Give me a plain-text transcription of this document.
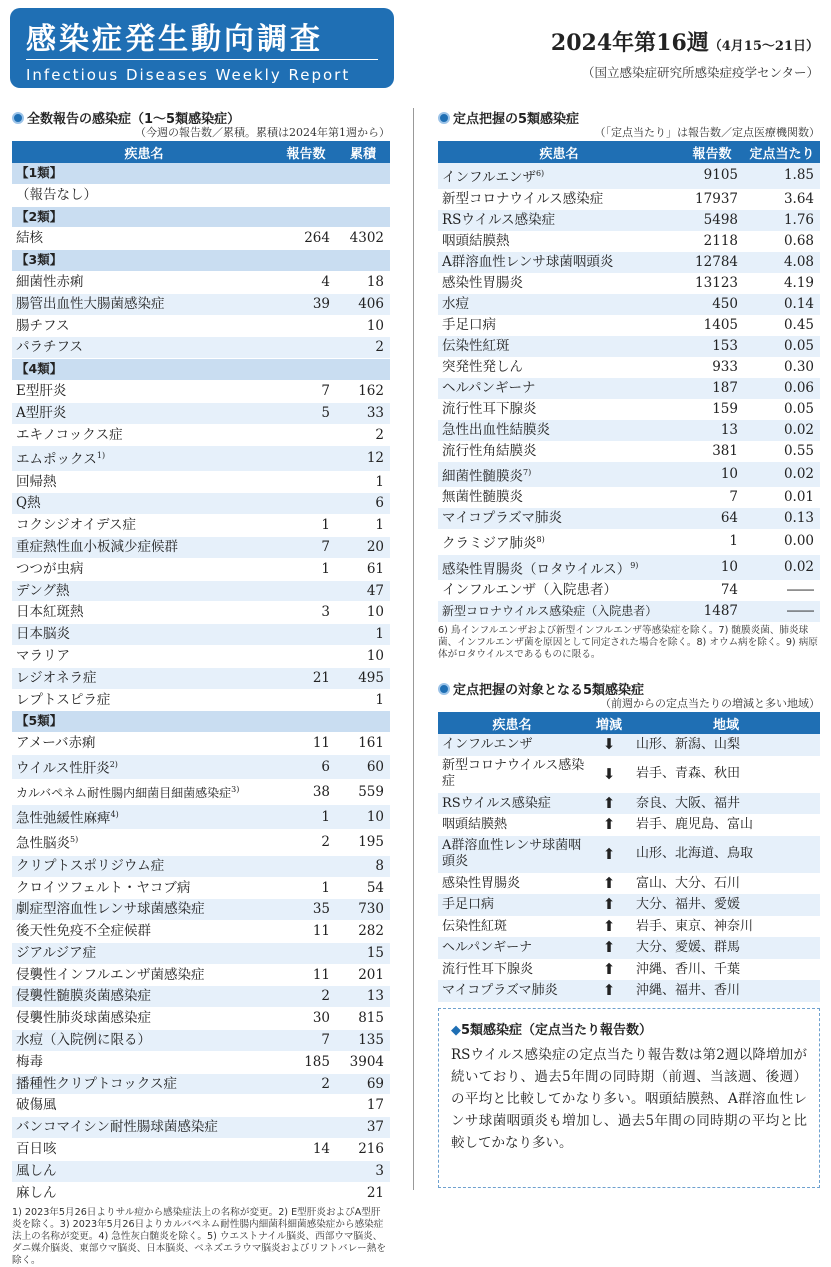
感染症発生動向調査
Infectious Diseases Weekly Report
2024年第16週（4月15～21日）
（国立感染症研究所感染症疫学センター）
全数報告の感染症（1～5類感染症）
（今週の報告数／累積。累積は2024年第1週から）
疾患名	報告数	累積
【1類】		
（報告なし）		
【2類】		
結核	264	4302
【3類】		
細菌性赤痢	4	18
腸管出血性大腸菌感染症	39	406
腸チフス		10
パラチフス		2
【4類】		
E型肝炎	7	162
A型肝炎	5	33
エキノコックス症		2
エムポックス$^{1)}$		12
回帰熱		1
Q熱		6
コクシジオイデス症	1	1
重症熱性血小板減少症候群	7	20
つつが虫病	1	61
デング熱		47
日本紅斑熱	3	10
日本脳炎		1
マラリア		10
レジオネラ症	21	495
レプトスピラ症		1
【5類】		
アメーバ赤痢	11	161
ウイルス性肝炎$^{2)}$	6	60
カルバペネム耐性腸内細菌目細菌感染症$^{3)}$	38	559
急性弛緩性麻痺$^{4)}$	1	10
急性脳炎$^{5)}$	2	195
クリプトスポリジウム症		8
クロイツフェルト・ヤコブ病	1	54
劇症型溶血性レンサ球菌感染症	35	730
後天性免疫不全症候群	11	282
ジアルジア症		15
侵襲性インフルエンザ菌感染症	11	201
侵襲性髄膜炎菌感染症	2	13
侵襲性肺炎球菌感染症	30	815
水痘（入院例に限る）	7	135
梅毒	185	3904
播種性クリプトコックス症	2	69
破傷風		17
バンコマイシン耐性腸球菌感染症		37
百日咳	14	216
風しん		3
麻しん		21
1) 2023年5月26日よりサル痘から感染症法上の名称が変更。2) E型肝炎およびA型肝炎を除く。3) 2023年5月26日よりカルバペネム耐性腸内細菌科細菌感染症から感染症法上の名称が変更。4) 急性灰白髄炎を除く。5) ウエストナイル脳炎、西部ウマ脳炎、ダニ媒介脳炎、東部ウマ脳炎、日本脳炎、ベネズエラウマ脳炎およびリフトバレー熱を除く。
定点把握の5類感染症
（「定点当たり」は報告数／定点医療機関数）
疾患名	報告数	定点当たり
インフルエンザ$^{6)}$	9105	1.85
新型コロナウイルス感染症	17937	3.64
RSウイルス感染症	5498	1.76
咽頭結膜熱	2118	0.68
A群溶血性レンサ球菌咽頭炎	12784	4.08
感染性胃腸炎	13123	4.19
水痘	450	0.14
手足口病	1405	0.45
伝染性紅斑	153	0.05
突発性発しん	933	0.30
ヘルパンギーナ	187	0.06
流行性耳下腺炎	159	0.05
急性出血性結膜炎	13	0.02
流行性角結膜炎	381	0.55
細菌性髄膜炎$^{7)}$	10	0.02
無菌性髄膜炎	7	0.01
マイコプラズマ肺炎	64	0.13
クラミジア肺炎$^{8)}$	1	0.00
感染性胃腸炎（ロタウイルス）$^{9)}$	10	0.02
インフルエンザ（入院患者）	74	――
新型コロナウイルス感染症（入院患者）	1487	――
6) 鳥インフルエンザおよび新型インフルエンザ等感染症を除く。7) 髄膜炎菌、肺炎球菌、インフルエンザ菌を原因として同定された場合を除く。8) オウム病を除く。9) 病原体がロタウイルスであるものに限る。
定点把握の対象となる5類感染症
（前週からの定点当たりの増減と多い地域）
疾患名	増減	地域
インフルエンザ	⬇	山形、新潟、山梨
新型コロナウイルス感染症	⬇	岩手、青森、秋田
RSウイルス感染症	⬆	奈良、大阪、福井
咽頭結膜熱	⬆	岩手、鹿児島、富山
A群溶血性レンサ球菌咽頭炎	⬆	山形、北海道、鳥取
感染性胃腸炎	⬆	富山、大分、石川
手足口病	⬆	大分、福井、愛媛
伝染性紅斑	⬆	岩手、東京、神奈川
ヘルパンギーナ	⬆	大分、愛媛、群馬
流行性耳下腺炎	⬆	沖縄、香川、千葉
マイコプラズマ肺炎	⬆	沖縄、福井、香川
◆5類感染症（定点当たり報告数）
RSウイルス感染症の定点当たり報告数は第2週以降増加が続いており、過去5年間の同時期（前週、当該週、後週）の平均と比較してかなり多い。咽頭結膜熱、A群溶血性レンサ球菌咽頭炎も増加し、過去5年間の同時期の平均と比較してかなり多い。
